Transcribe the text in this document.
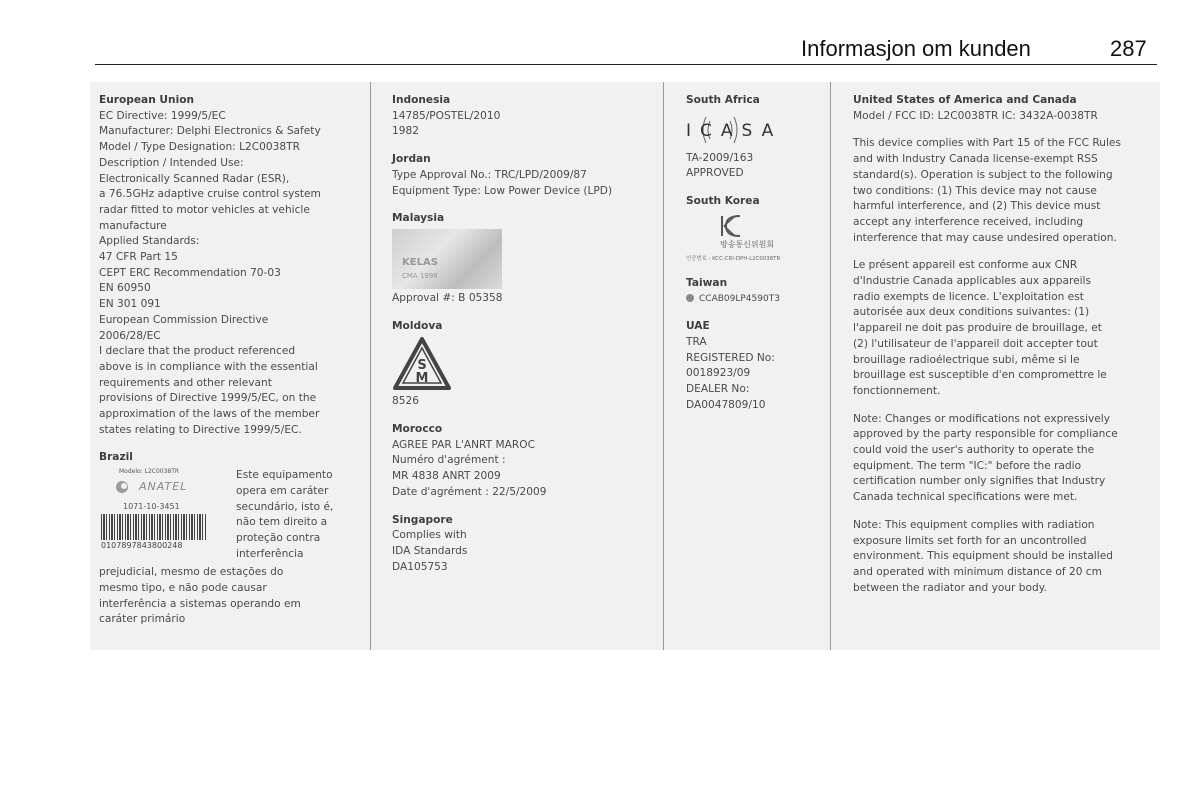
Informasjon om kunden	287
European Union
EC Directive: 1999/5/EC
Manufacturer: Delphi Electronics & Safety
Model / Type Designation: L2C0038TR
Description / Intended Use:
Electronically Scanned Radar (ESR),
a 76.5GHz adaptive cruise control system
radar fitted to motor vehicles at vehicle
manufacture
Applied Standards:
47 CFR Part 15
CEPT ERC Recommendation 70-03
EN 60950
EN 301 091
European Commission Directive
2006/28/EC
I declare that the product referenced
above is in compliance with the essential
requirements and other relevant
provisions of Directive 1999/5/EC, on the
approximation of the laws of the member
states relating to Directive 1999/5/EC.
Brazil
Modelo: L2C0038TR
ANATEL
1071-10-3451
0107897843800248
Este equipamento
opera em caráter
secundário, isto é,
não tem direito a
proteção contra
interferência
prejudicial, mesmo de estações do
mesmo tipo, e não pode causar
interferência a sistemas operando em
caráter primário
Indonesia
14785/POSTEL/2010
1982
Jordan
Type Approval No.: TRC/LPD/2009/87
Equipment Type: Low Power Device (LPD)
Malaysia
KELAS
CMA 1998
Approval #: B 05358
Moldova
S
M
8526
Morocco
AGREE PAR L'ANRT MAROC
Numéro d'agrément :
MR 4838 ANRT 2009
Date d'agrément : 22/5/2009
Singapore
Complies with
IDA Standards
DA105753
South Africa
ICASA
TA-2009/163
APPROVED
South Korea
방송통신위원회
인증번호 : KCC-CRI-DPH-L2C0038TR
Taiwan
CCAB09LP4590T3
UAE
TRA
REGISTERED No:
0018923/09
DEALER No:
DA0047809/10
United States of America and Canada
Model / FCC ID: L2C0038TR IC: 3432A-0038TR
This device complies with Part 15 of the FCC Rules
and with Industry Canada license-exempt RSS
standard(s). Operation is subject to the following
two conditions: (1) This device may not cause
harmful interference, and (2) This device must
accept any interference received, including
interference that may cause undesired operation.
Le présent appareil est conforme aux CNR
d'Industrie Canada applicables aux appareils
radio exempts de licence. L'exploitation est
autorisée aux deux conditions suivantes: (1)
l'appareil ne doit pas produire de brouillage, et
(2) l'utilisateur de l'appareil doit accepter tout
brouillage radioélectrique subi, même si le
brouillage est susceptible d'en compromettre le
fonctionnement.
Note: Changes or modifications not expressively
approved by the party responsible for compliance
could void the user's authority to operate the
equipment. The term "IC:" before the radio
certification number only signifies that Industry
Canada technical specifications were met.
Note: This equipment complies with radiation
exposure limits set forth for an uncontrolled
environment. This equipment should be installed
and operated with minimum distance of 20 cm
between the radiator and your body.
